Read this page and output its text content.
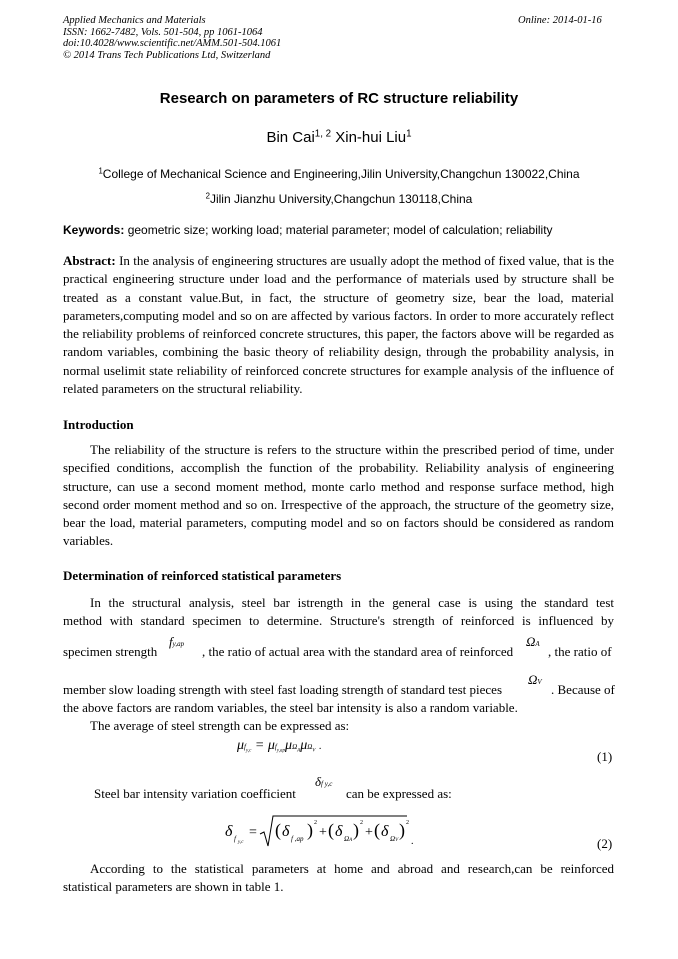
Applied Mechanics and Materials
ISSN: 1662-7482, Vols. 501-504, pp 1061-1064
doi:10.4028/www.scientific.net/AMM.501-504.1061
© 2014 Trans Tech Publications Ltd, Switzerland
Online: 2014-01-16
Research on parameters of RC structure reliability
Bin Cai$^{1, 2}$ Xin-hui Liu$^1$
$^1$College of Mechanical Science and Engineering,Jilin University,Changchun 130022,China
$^2$Jilin Jianzhu University,Changchun 130118,China
Keywords: geometric size; working load; material parameter; model of calculation; reliability

Abstract: In the analysis of engineering structures are usually adopt the method of fixed value, that is the practical engineering structure under load and the performance of materials used by structure shall be treated as a constant value.But, in fact, the structure of geometry size, bear the load, material parameters,computing model and so on are affected by various factors. In order to more accurately reflect the reliability problems of reinforced concrete structures, this paper, the factors above will be regarded as random variables, combining the basic theory of reliability design, through the probability analysis, in normal uselimit state reliability of reinforced concrete structures for example analysis of the influence of related parameters on the structural reliability.

Introduction

The reliability of the structure is refers to the structure within the prescribed period of time, under specified conditions, accomplish the function of the probability. Reliability analysis of engineering structure, can use a second moment method, monte carlo method and response surface method, high second order moment method and so on. Irrespective of the approach, the structure of the geometry size, bear the load, material parameters, computing model and so on factors should be considered as random variables.

Determination of reinforced statistical parameters
In the structural analysis, steel bar istrength in the general case is using the standard test
method with standard specimen to determine. Structure's strength of reinforced is influenced by
specimen strength
fy,ap , the ratio of actual area with the standard area of reinforced
ΩA , the ratio of
member slow loading strength with steel fast loading strength of standard test pieces
ΩV . Because of
the above factors are random variables, the steel bar intensity is also a random variable.
The average of steel strength can be expressed as:
$\mu f_{y,c} = \mu f_{y,ap}\mu\Omega_A\mu\Omega_V$ .
(1)
Steel bar intensity variation coefficient
δf y,c
can be expressed as:
δ f y,c
= ( δ f ,ap ) 2
+ ( δ ΩA
) 2
+ ( δ ΩV
) 2
.	(2)
According to the statistical parameters at home and abroad and research,can be reinforced
statistical parameters are shown in table 1.
